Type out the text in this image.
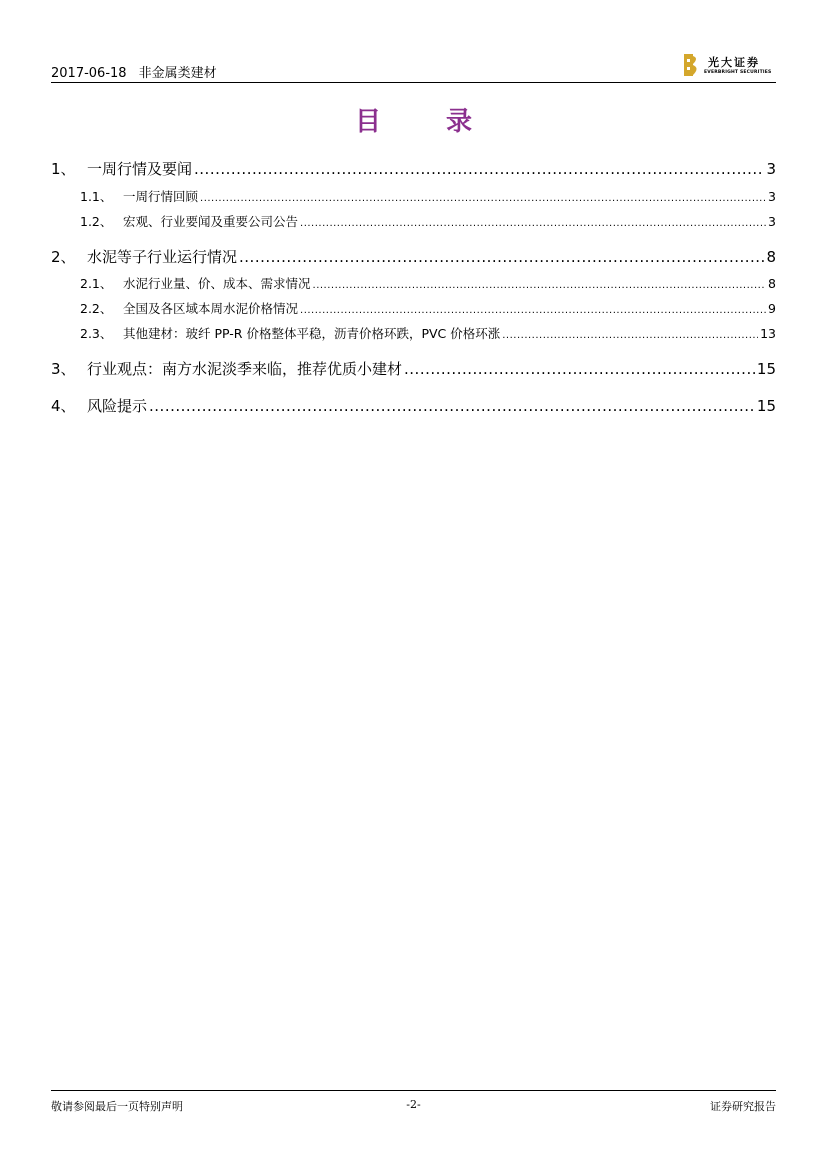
2017-06-18 非金属类建材
光大证券
EVERBRIGHT SECURITIES
目 录
1、 一周行情及要闻 .....	3
1.1、 一周行情回顾 .....	3
1.2、 宏观、行业要闻及重要公司公告 .....	3
2、 水泥等子行业运行情况 .....	8
2.1、 水泥行业量、价、成本、需求情况 .....	8
2.2、 全国及各区域本周水泥价格情况 .....	9
2.3、 其他建材：玻纤 PP-R 价格整体平稳，沥青价格环跌，PVC 价格环涨 .....	13
3、 行业观点：南方水泥淡季来临，推荐优质小建材 .....	15
4、 风险提示 .....	15
敬请参阅最后一页特别声明	-2-	证券研究报告
